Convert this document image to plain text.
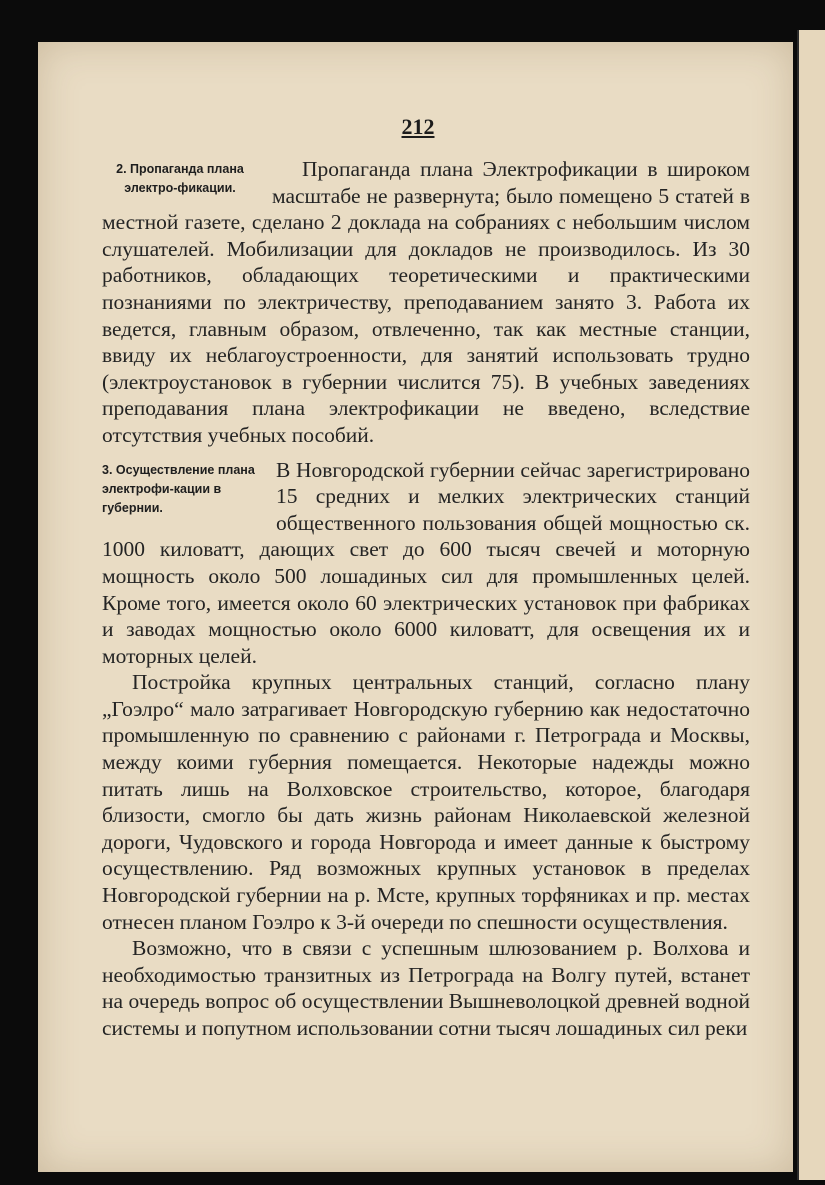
212
2. Пропаганда плана электро-фикации.

Пропаганда плана Электрофикации в широком масштабе не развернута; было помещено 5 статей в местной газете, сделано 2 доклада на собраниях с небольшим числом слушателей. Мобилизации для докладов не производилось. Из 30 работников, обладающих теоретическими и практическими познаниями по электричеству, преподаванием занято 3. Работа их ведется, главным образом, отвлеченно, так как местные станции, ввиду их неблагоустроенности, для занятий использовать трудно (электроустановок в губернии числится 75). В учебных заведениях преподавания плана электрофикации не введено, вследствие отсутствия учебных пособий.

3. Осуществление плана электрофи-кации в губернии.

В Новгородской губернии сейчас зарегистрировано 15 средних и мелких электрических станций общественного пользования общей мощностью ск. 1000 киловатт, дающих свет до 600 тысяч свечей и моторную мощность около 500 лошадиных сил для промышленных целей. Кроме того, имеется около 60 электрических установок при фабриках и заводах мощностью около 6000 киловатт, для освещения их и моторных целей.

Постройка крупных центральных станций, согласно плану „Гоэлро“ мало затрагивает Новгородскую губернию как недостаточно промышленную по сравнению с районами г. Петрограда и Москвы, между коими губерния помещается. Некоторые надежды можно питать лишь на Волховское строительство, которое, благодаря близости, смогло бы дать жизнь районам Николаевской железной дороги, Чудовского и города Новгорода и имеет данные к быстрому осуществлению. Ряд возможных крупных установок в пределах Новгородской губернии на р. Мсте, крупных торфяниках и пр. местах отнесен планом Гоэлро к 3-й очереди по спешности осуществления.

Возможно, что в связи с успешным шлюзованием р. Волхова и необходимостью транзитных из Петрограда на Волгу путей, встанет на очередь вопрос об осуществлении Вышневолоцкой древней водной системы и попутном использовании сотни тысяч лошадиных сил реки
